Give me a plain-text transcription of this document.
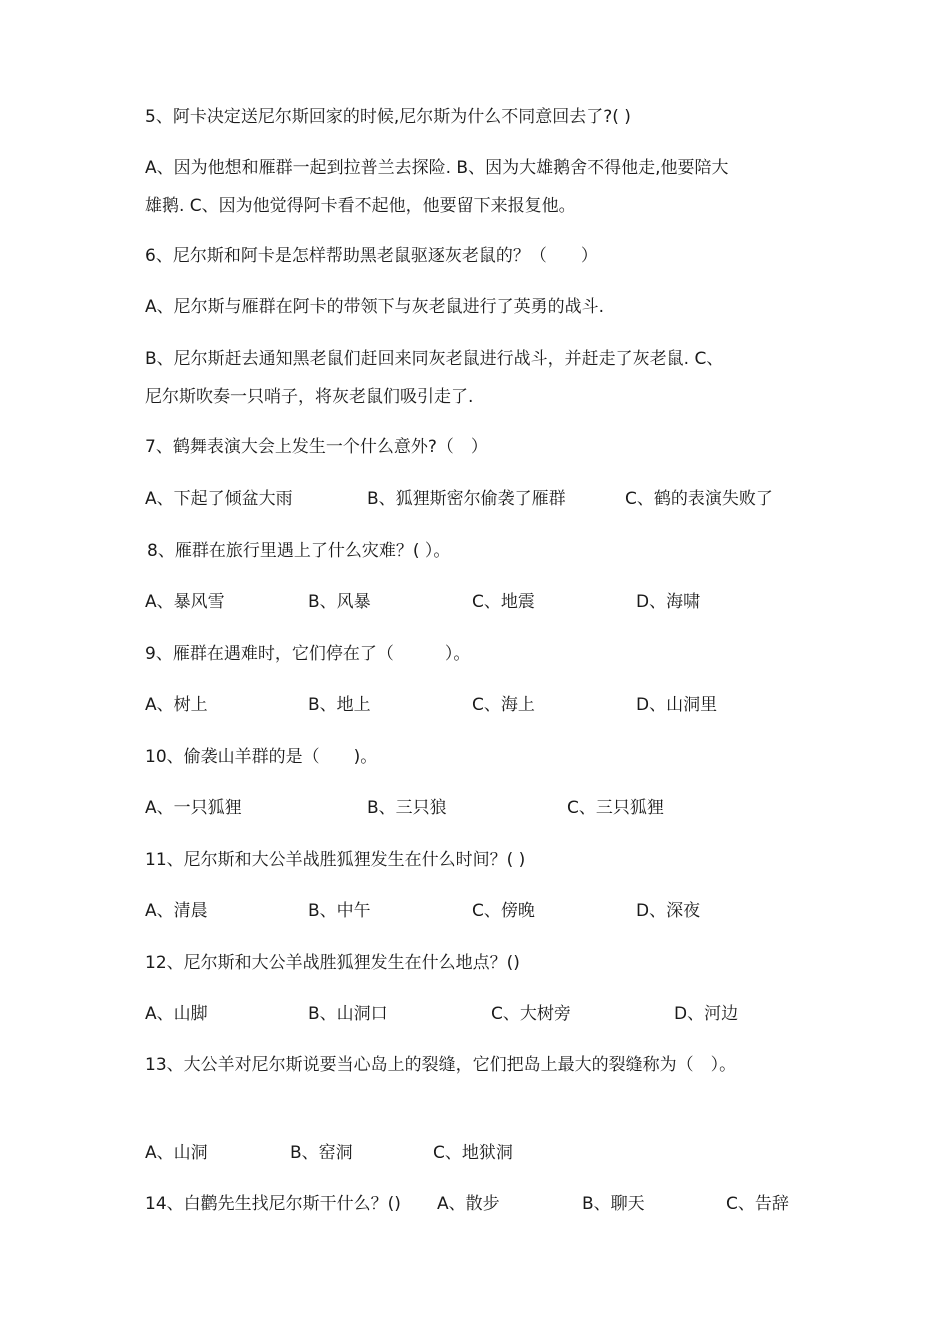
5、阿卡决定送尼尔斯回家的时候,尼尔斯为什么不同意回去了?( )
A、因为他想和雁群一起到拉普兰去探险. B、因为大雄鹅舍不得他走,他要陪大
雄鹅. C、因为他觉得阿卡看不起他，他要留下来报复他。
6、尼尔斯和阿卡是怎样帮助黑老鼠驱逐灰老鼠的？（　　）
A、尼尔斯与雁群在阿卡的带领下与灰老鼠进行了英勇的战斗.
B、尼尔斯赶去通知黑老鼠们赶回来同灰老鼠进行战斗，并赶走了灰老鼠. C、
尼尔斯吹奏一只哨子，将灰老鼠们吸引走了.
7、鹤舞表演大会上发生一个什么意外?（　）
A、下起了倾盆大雨	B、狐狸斯密尔偷袭了雁群	C、鹤的表演失败了
8、雁群在旅行里遇上了什么灾难？( ）。
A、暴风雪	B、风暴	C、地震	D、海啸
9、雁群在遇难时，它们停在了（　　　）。
A、树上	B、地上	C、海上	D、山洞里
10、偷袭山羊群的是（　　)。
A、一只狐狸	B、三只狼	C、三只狐狸
11、尼尔斯和大公羊战胜狐狸发生在什么时间？( )
A、清晨	B、中午	C、傍晚	D、深夜
12、尼尔斯和大公羊战胜狐狸发生在什么地点？()
A、山脚	B、山洞口	C、大树旁	D、河边
13、大公羊对尼尔斯说要当心岛上的裂缝，它们把岛上最大的裂缝称为（　）。
A、山洞	B、窑洞	C、地狱洞
14、白鹳先生找尼尔斯干什么？() A、散步	B、聊天	C、告辞
